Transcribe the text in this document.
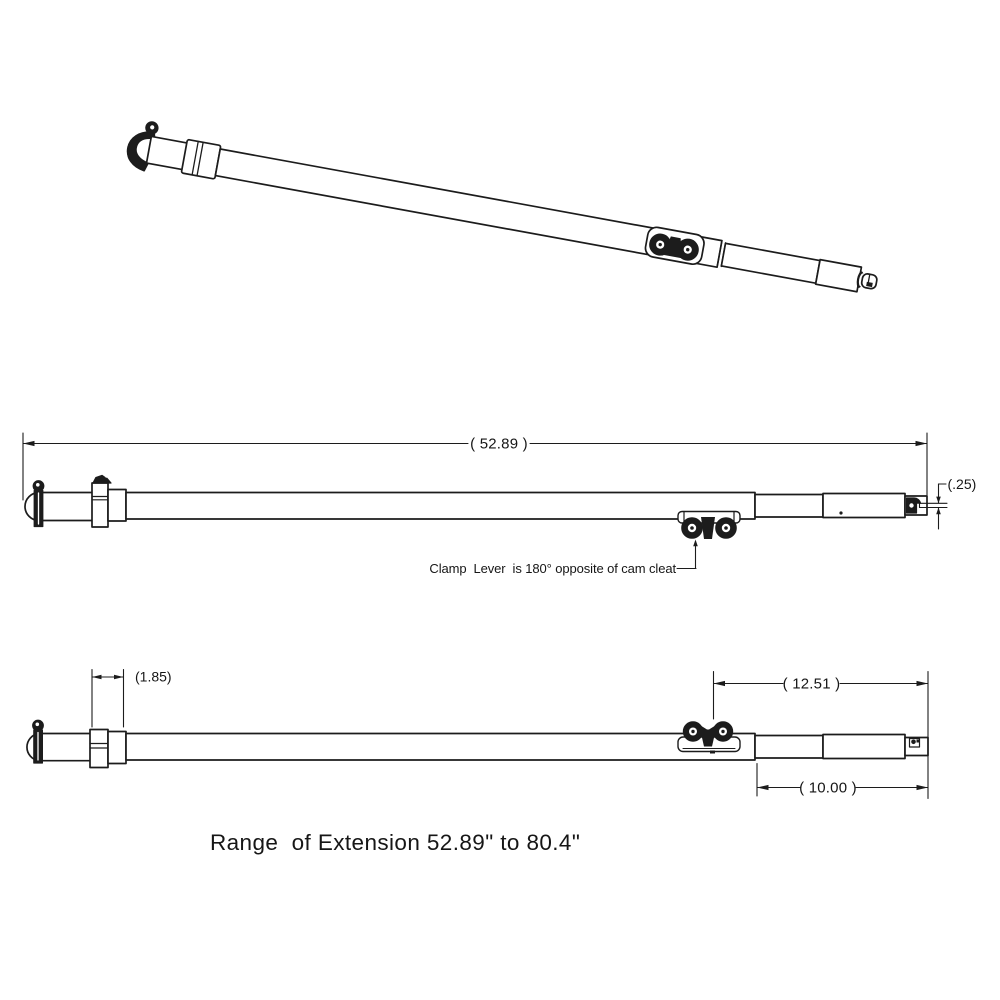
( 52.89 )
(.25)
Clamp  Lever  is 180° opposite of cam cleat
(1.85)	( 12.51 )
( 10.00 )
Range  of Extension 52.89" to 80.4"
